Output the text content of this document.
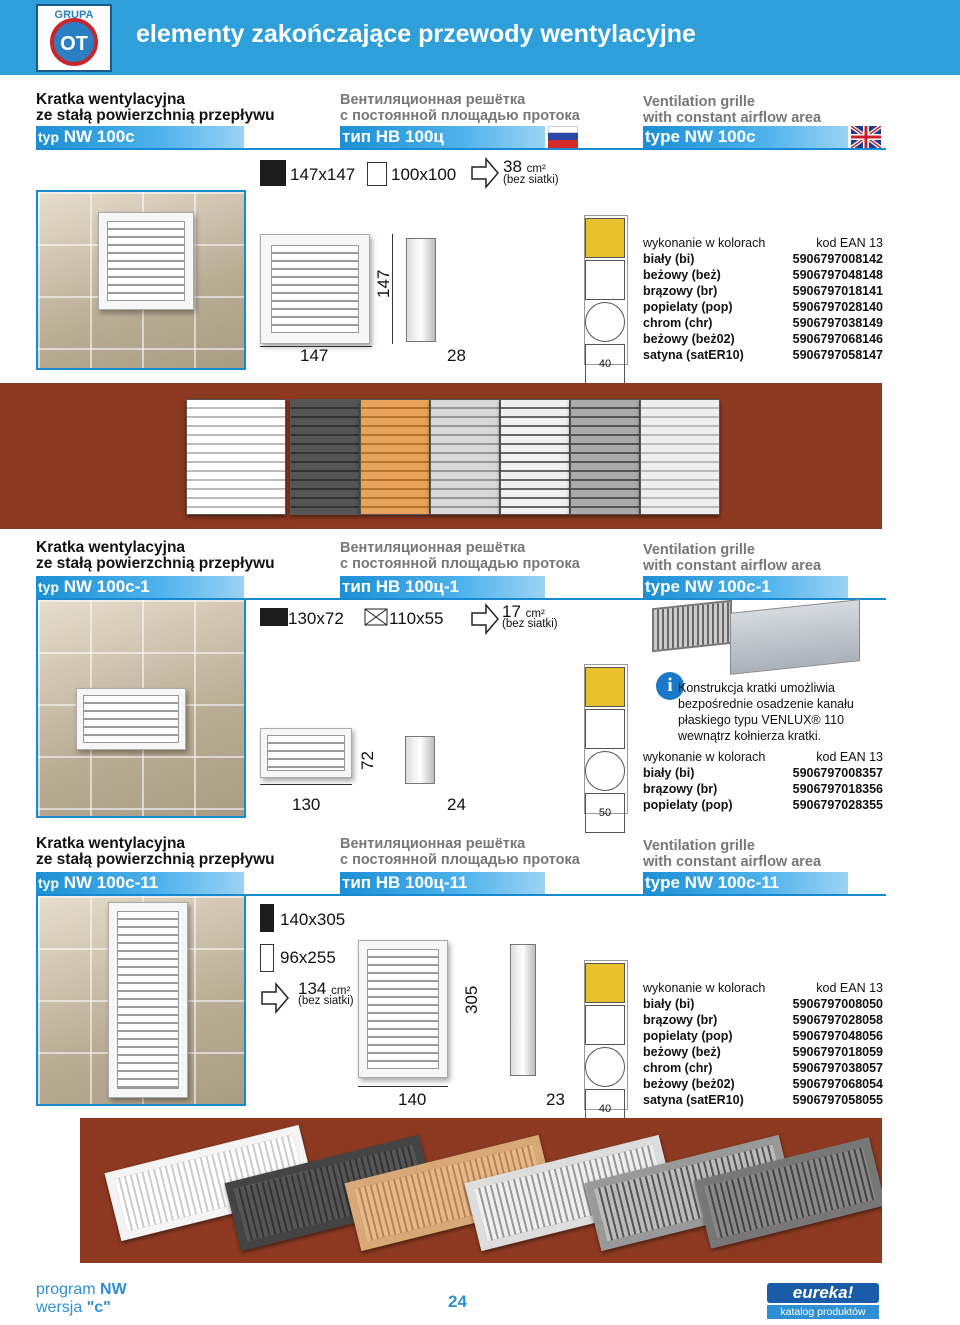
OT
GRUPA
elementy zakończające przewody wentylacyjne
Kratka wentylacyjna
ze stałą powierzchnią przepływu
typ NW 100c
Вентиляционная решётка
с постоянной площадью протока
тип НВ 100ц
Ventilation grille
with constant airflow area
type NW 100c
147x147 100x100	38 cm²
(bez siatki)
147
147
28	40
wykonanie w kolorach	kod EAN 13
biały (bi)	5906797008142
beżowy (beż)	5906797048148
brązowy (br)	5906797018141
popielaty (pop)	5906797028140
chrom (chr)	5906797038149
beżowy (beż02)	5906797068146
satyna (satER10)	5906797058147
Kratka wentylacyjna
ze stałą powierzchnią przepływu
typ NW 100c-1
Вентиляционная решётка
с постоянной площадью протока
тип НВ 100ц-1
Ventilation grille
with constant airflow area
type NW 100c-1
130x72	110x55	17 cm²
(bez siatki)
130
72
24	50
i Konstrukcja kratki umożliwia
bezpośrednie osadzenie kanału
płaskiego typu VENLUX® 110
wewnątrz kołnierza kratki.
wykonanie w kolorach	kod EAN 13
biały (bi)	5906797008357
brązowy (br)	5906797018356
popielaty (pop)	5906797028355
Kratka wentylacyjna
ze stałą powierzchnią przepływu
typ NW 100c-11
Вентиляционная решётка
с постоянной площадью протока
тип НВ 100ц-11
Ventilation grille
with constant airflow area
type NW 100c-11
140x305
96x255
134 cm²
(bez siatki)
140
305
23	40
wykonanie w kolorach	kod EAN 13
biały (bi)	5906797008050
brązowy (br)	5906797028058
popielaty (pop)	5906797048056
beżowy (beż)	5906797018059
chrom (chr)	5906797038057
beżowy (beż02)	5906797068054
satyna (satER10)	5906797058055
program NW
wersja "c"	24	eureka!
katalog produktów
